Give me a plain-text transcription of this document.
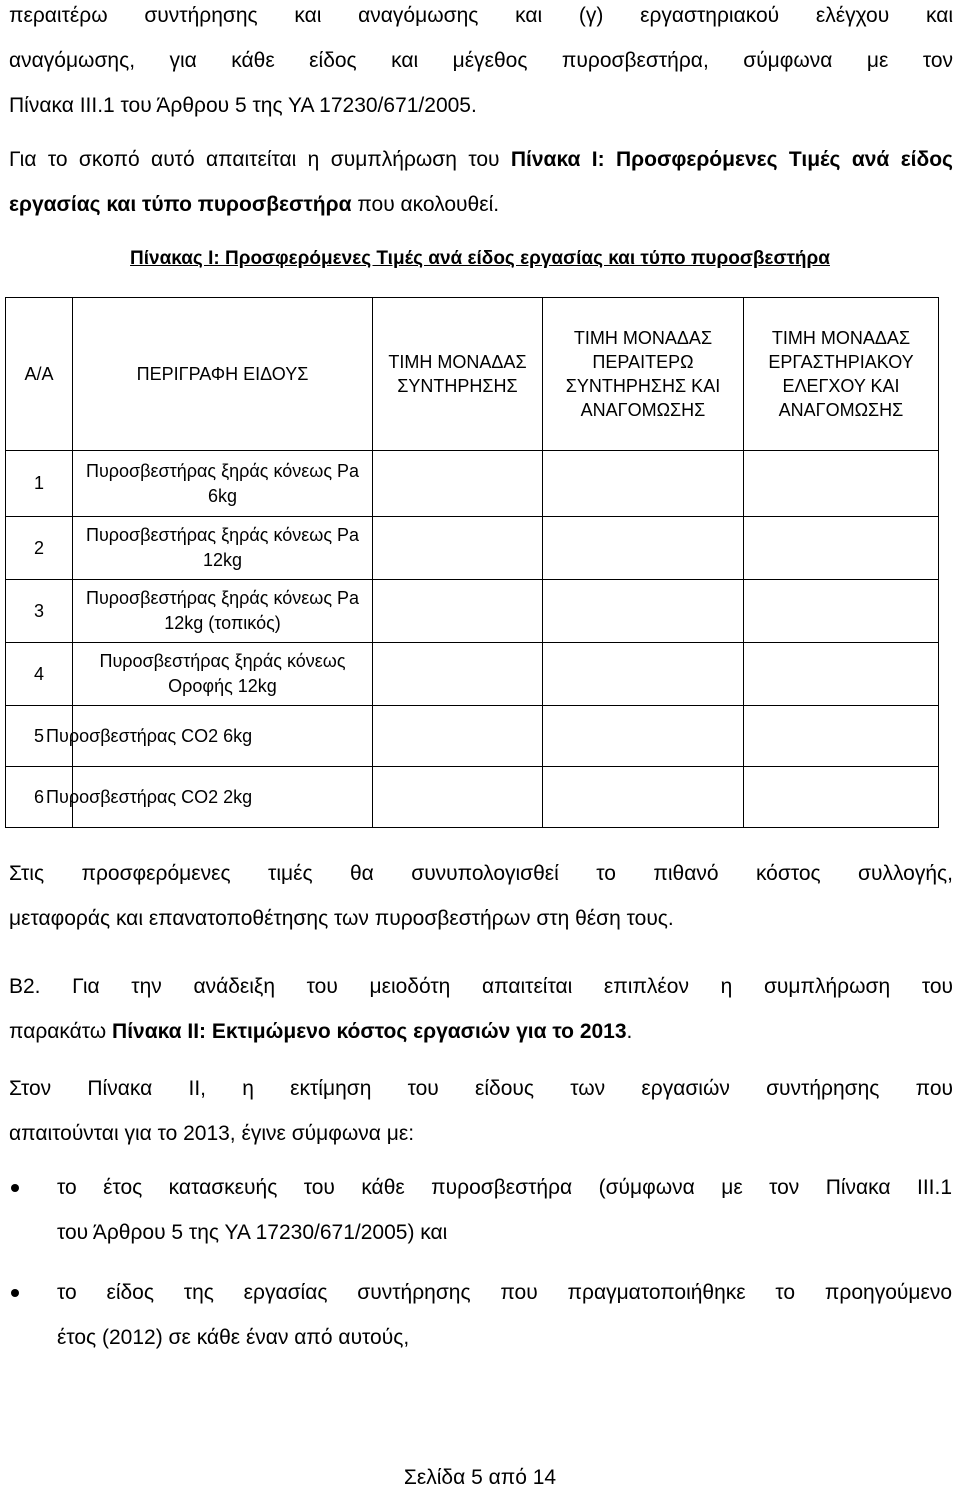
περαιτέρω συντήρησης και αναγόμωσης και (γ) εργαστηριακού ελέγχου και
αναγόμωσης, για κάθε είδος και μέγεθος πυροσβεστήρα, σύμφωνα με τον
Πίνακα ΙΙΙ.1 του Άρθρου 5 της ΥΑ 17230/671/2005.
Για το σκοπό αυτό απαιτείται η συμπλήρωση του Πίνακα Ι: Προσφερόμενες Τιμές ανά είδος εργασίας και τύπο πυροσβεστήρα που ακολουθεί.
Πίνακας Ι: Προσφερόμενες Τιμές ανά είδος εργασίας και τύπο πυροσβεστήρα
Α/Α	ΠΕΡΙΓΡΑΦΗ ΕΙΔΟΥΣ	ΤΙΜΗ ΜΟΝΑΔΑΣ ΣΥΝΤΗΡΗΣΗΣ	ΤΙΜΗ ΜΟΝΑΔΑΣ ΠΕΡΑΙΤΕΡΩ ΣΥΝΤΗΡΗΣΗΣ ΚΑΙ ΑΝΑΓΟΜΩΣΗΣ	ΤΙΜΗ ΜΟΝΑΔΑΣ ΕΡΓΑΣΤΗΡΙΑΚΟΥ ΕΛΕΓΧΟΥ ΚΑΙ ΑΝΑΓΟΜΩΣΗΣ
1	Πυροσβεστήρας ξηράς κόνεως Pa 6kg			
2	Πυροσβεστήρας ξηράς κόνεως Pa 12kg			
3	Πυροσβεστήρας ξηράς κόνεως Pa 12kg (τοπικός)			
4	Πυροσβεστήρας ξηράς κόνεως Οροφής 12kg			
5	Πυροσβεστήρας CO2 6kg			
6	Πυροσβεστήρας CO2 2kg			
Στις προσφερόμενες τιμές θα συνυπολογισθεί το πιθανό κόστος συλλογής,
μεταφοράς και επανατοποθέτησης των πυροσβεστήρων στη θέση τους.
Β2. Για την ανάδειξη του μειοδότη απαιτείται επιπλέον η συμπλήρωση του
παρακάτω Πίνακα ΙΙ: Εκτιμώμενο κόστος εργασιών για το 2013.
Στον Πίνακα ΙΙ, η εκτίμηση του είδους των εργασιών συντήρησης που
απαιτούνται για το 2013, έγινε σύμφωνα με:
το έτος κατασκευής του κάθε πυροσβεστήρα (σύμφωνα με τον Πίνακα ΙΙΙ.1
του Άρθρου 5 της ΥΑ 17230/671/2005) και
το είδος της εργασίας συντήρησης που πραγματοποιήθηκε το προηγούμενο
έτος (2012) σε κάθε έναν από αυτούς,
Σελίδα 5 από 14
